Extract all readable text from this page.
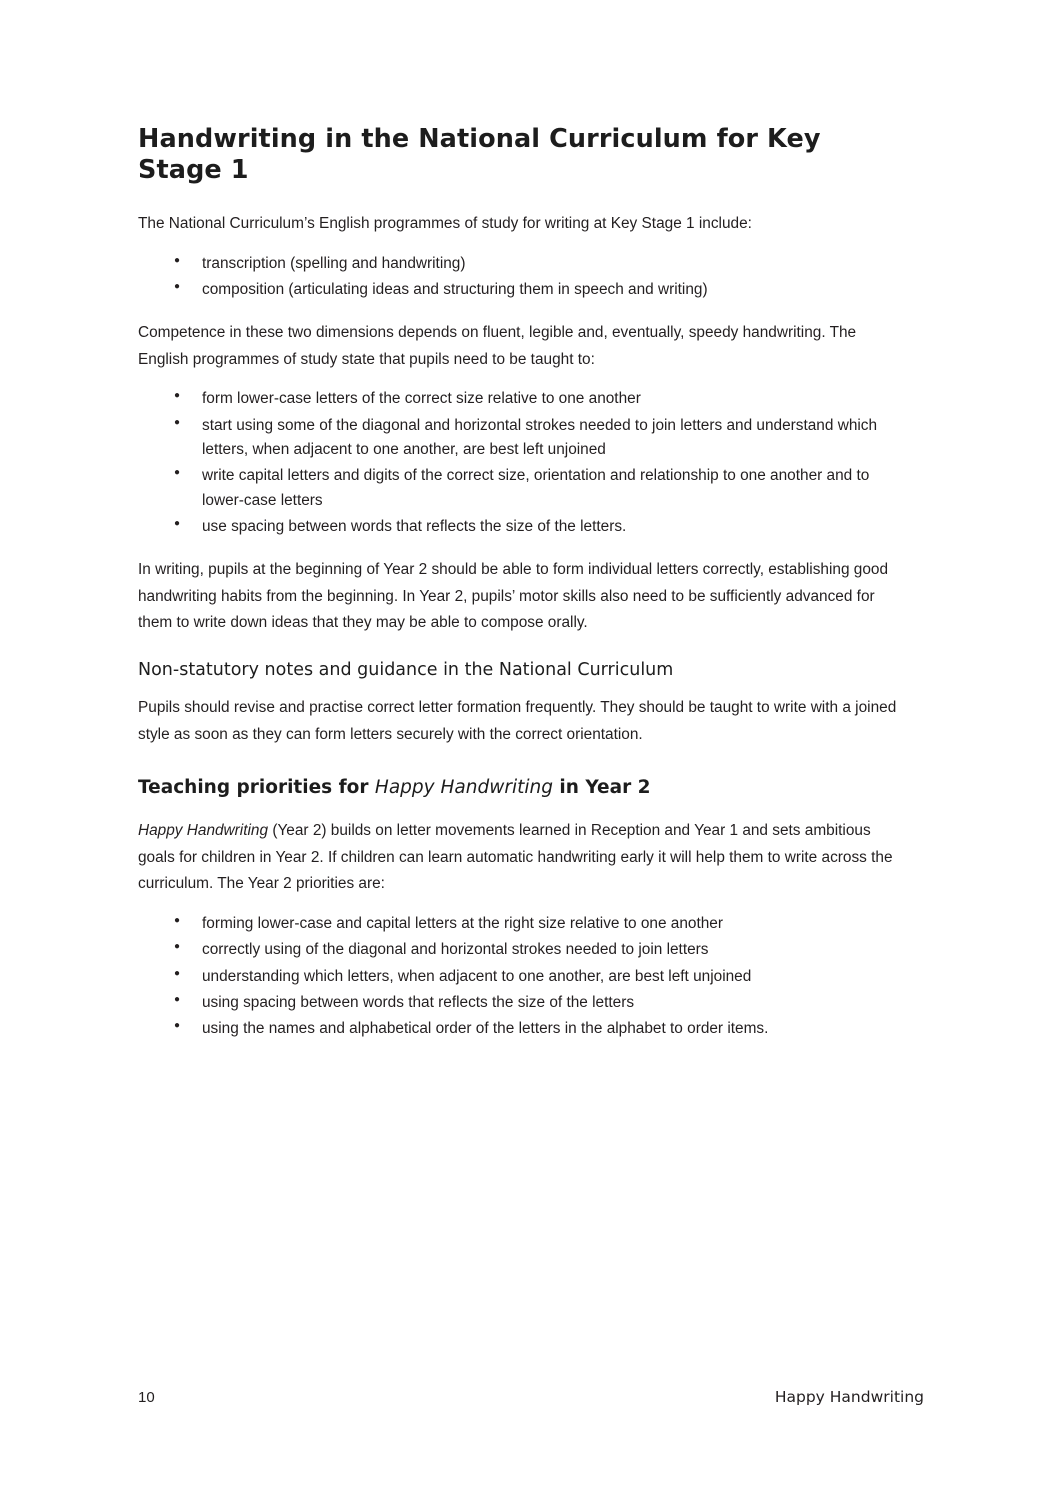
Handwriting in the National Curriculum for Key Stage 1

The National Curriculum’s English programmes of study for writing at Key Stage 1 include:

● transcription (spelling and handwriting)
● composition (articulating ideas and structuring them in speech and writing)

Competence in these two dimensions depends on fluent, legible and, eventually, speedy handwriting. The English programmes of study state that pupils need to be taught to:

● form lower-case letters of the correct size relative to one another
● start using some of the diagonal and horizontal strokes needed to join letters and understand which letters, when adjacent to one another, are best left unjoined
● write capital letters and digits of the correct size, orientation and relationship to one another and to lower-case letters
● use spacing between words that reflects the size of the letters.

In writing, pupils at the beginning of Year 2 should be able to form individual letters correctly, establishing good handwriting habits from the beginning. In Year 2, pupils’ motor skills also need to be sufficiently advanced for them to write down ideas that they may be able to compose orally.

Non-statutory notes and guidance in the National Curriculum

Pupils should revise and practise correct letter formation frequently. They should be taught to write with a joined style as soon as they can form letters securely with the correct orientation.

Teaching priorities for Happy Handwriting in Year 2

Happy Handwriting (Year 2) builds on letter movements learned in Reception and Year 1 and sets ambitious goals for children in Year 2. If children can learn automatic handwriting early it will help them to write across the curriculum. The Year 2 priorities are:

● forming lower-case and capital letters at the right size relative to one another
● correctly using of the diagonal and horizontal strokes needed to join letters
● understanding which letters, when adjacent to one another, are best left unjoined
● using spacing between words that reflects the size of the letters
● using the names and alphabetical order of the letters in the alphabet to order items.
10	Happy Handwriting
